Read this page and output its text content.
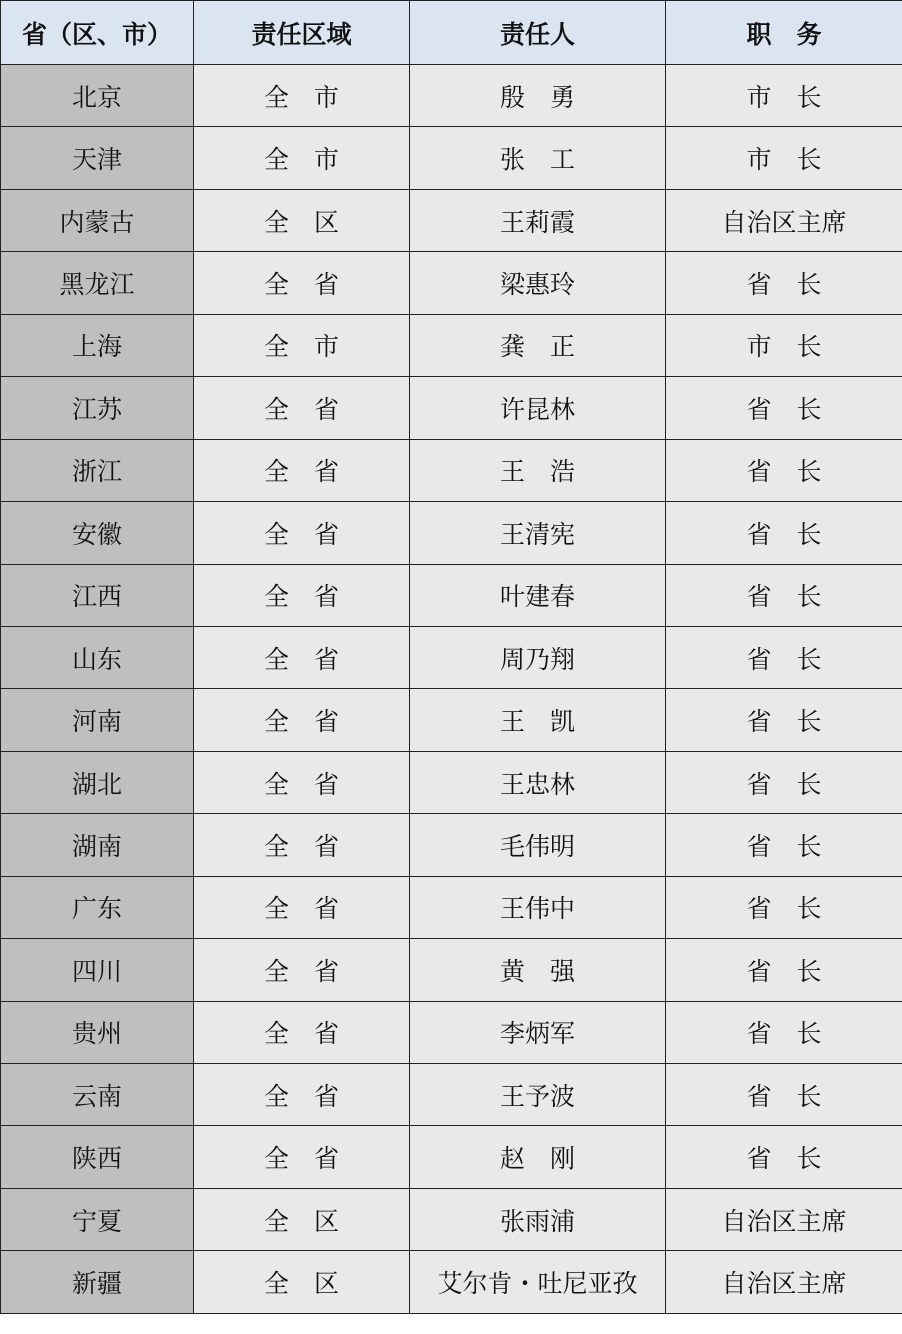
省（区、市）	责任区域	责任人	职　务
北京	全　市	殷　勇	市　长
天津	全　市	张　工	市　长
内蒙古	全　区	王莉霞	自治区主席
黑龙江	全　省	梁惠玲	省　长
上海	全　市	龚　正	市　长
江苏	全　省	许昆林	省　长
浙江	全　省	王　浩	省　长
安徽	全　省	王清宪	省　长
江西	全　省	叶建春	省　长
山东	全　省	周乃翔	省　长
河南	全　省	王　凯	省　长
湖北	全　省	王忠林	省　长
湖南	全　省	毛伟明	省　长
广东	全　省	王伟中	省　长
四川	全　省	黄　强	省　长
贵州	全　省	李炳军	省　长
云南	全　省	王予波	省　长
陕西	全　省	赵　刚	省　长
宁夏	全　区	张雨浦	自治区主席
新疆	全　区	艾尔肯・吐尼亚孜	自治区主席
